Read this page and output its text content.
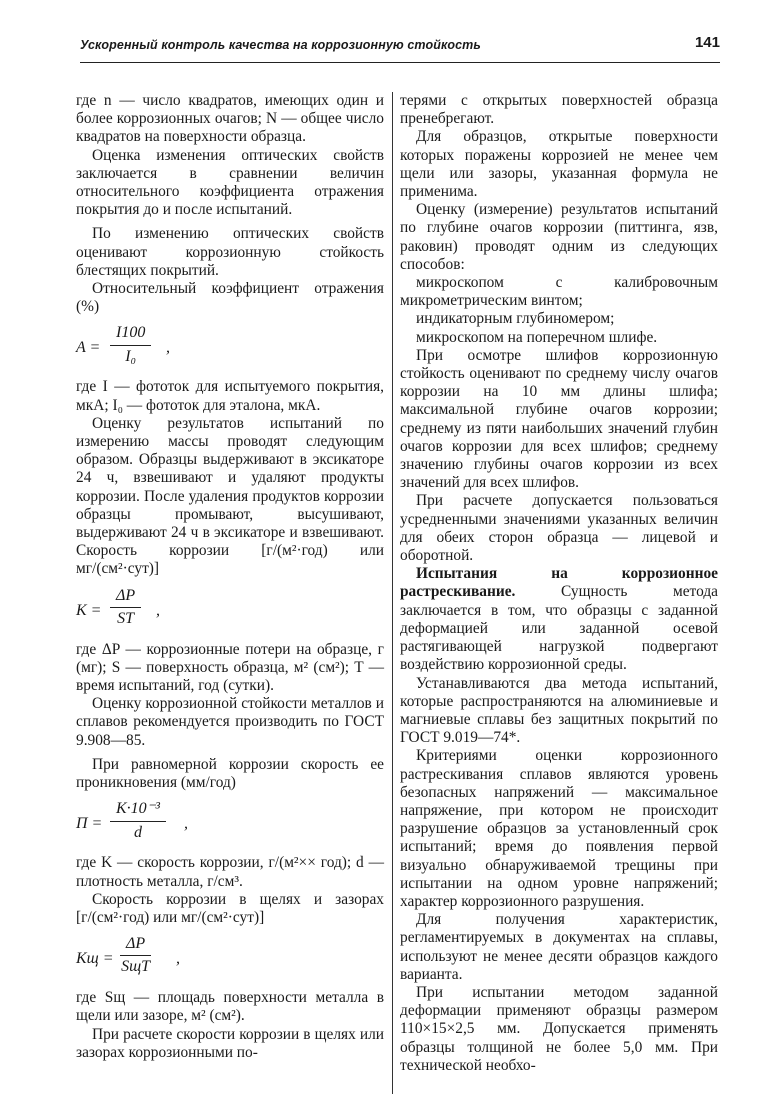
Ускоренный контроль качества на коррозионную стойкость	141

где n — число квадратов, имеющих один и более коррозионных очагов; N — общее число квадратов на поверхности образца.

Оценка изменения оптических свойств заключается в сравнении величин относительного коэффициента отражения покрытия до и после испытаний.

По изменению оптических свойств оценивают коррозионную стойкость блестящих покрытий.

Относительный коэффициент отражения (%)

$A = \frac{I100}{\text{I₀}}$ ,

где I — фототок для испытуемого покрытия, мкА; I₀ — фототок для эталона, мкА.

Оценку результатов испытаний по измерению массы проводят следующим образом. Образцы выдерживают в эксикаторе 24 ч, взвешивают и удаляют продукты коррозии. После удаления продуктов коррозии образцы промывают, высушивают, выдерживают 24 ч в эксикаторе и взвешивают. Скорость коррозии [г/(м²·год) или мг/(см²·сут)]

$K = \frac{\Delta P}{ST}$ ,

где ΔP — коррозионные потери на образце, г (мг); S — поверхность образца, м² (см²); T — время испытаний, год (сутки).

Оценку коррозионной стойкости металлов и сплавов рекомендуется производить по ГОСТ 9.908—85.

При равномерной коррозии скорость ее проникновения (мм/год)

$П = \frac{\text{K·10⁻³}}{d}$ ,

где K — скорость коррозии, г/(м²×× год); d — плотность металла, г/см³.

Скорость коррозии в щелях и зазорах [г/(см²·год) или мг/(см²·сут)]

Kщ =
ΔP
SщT ,

где Sщ — площадь поверхности металла в щели или зазоре, м² (см²).

При расчете скорости коррозии в щелях или зазорах коррозионными по-

терями с открытых поверхностей образца пренебрегают.

Для образцов, открытые поверхности которых поражены коррозией не менее чем щели или зазоры, указанная формула не применима.

Оценку (измерение) результатов испытаний по глубине очагов коррозии (питтинга, язв, раковин) проводят одним из следующих способов:

микроскопом с калибровочным микрометрическим винтом;

индикаторным глубиномером;

микроскопом на поперечном шлифе.

При осмотре шлифов коррозионную стойкость оценивают по среднему числу очагов коррозии на 10 мм длины шлифа; максимальной глубине очагов коррозии; среднему из пяти наибольших значений глубин очагов коррозии для всех шлифов; среднему значению глубины очагов коррозии из всех значений для всех шлифов.

При расчете допускается пользоваться усредненными значениями указанных величин для обеих сторон образца — лицевой и оборотной.

Испытания на коррозионное растрескивание. Сущность метода заключается в том, что образцы с заданной деформацией или заданной осевой растягивающей нагрузкой подвергают воздействию коррозионной среды.

Устанавливаются два метода испытаний, которые распространяются на алюминиевые и магниевые сплавы без защитных покрытий по ГОСТ 9.019—74*.

Критериями оценки коррозионного растрескивания сплавов являются уровень безопасных напряжений — максимальное напряжение, при котором не происходит разрушение образцов за установленный срок испытаний; время до появления первой визуально обнаруживаемой трещины при испытании на одном уровне напряжений; характер коррозионного разрушения.

Для получения характеристик, регламентируемых в документах на сплавы, используют не менее десяти образцов каждого варианта.

При испытании методом заданной деформации применяют образцы размером 110×15×2,5 мм. Допускается применять образцы толщиной не более 5,0 мм. При технической необхо-
